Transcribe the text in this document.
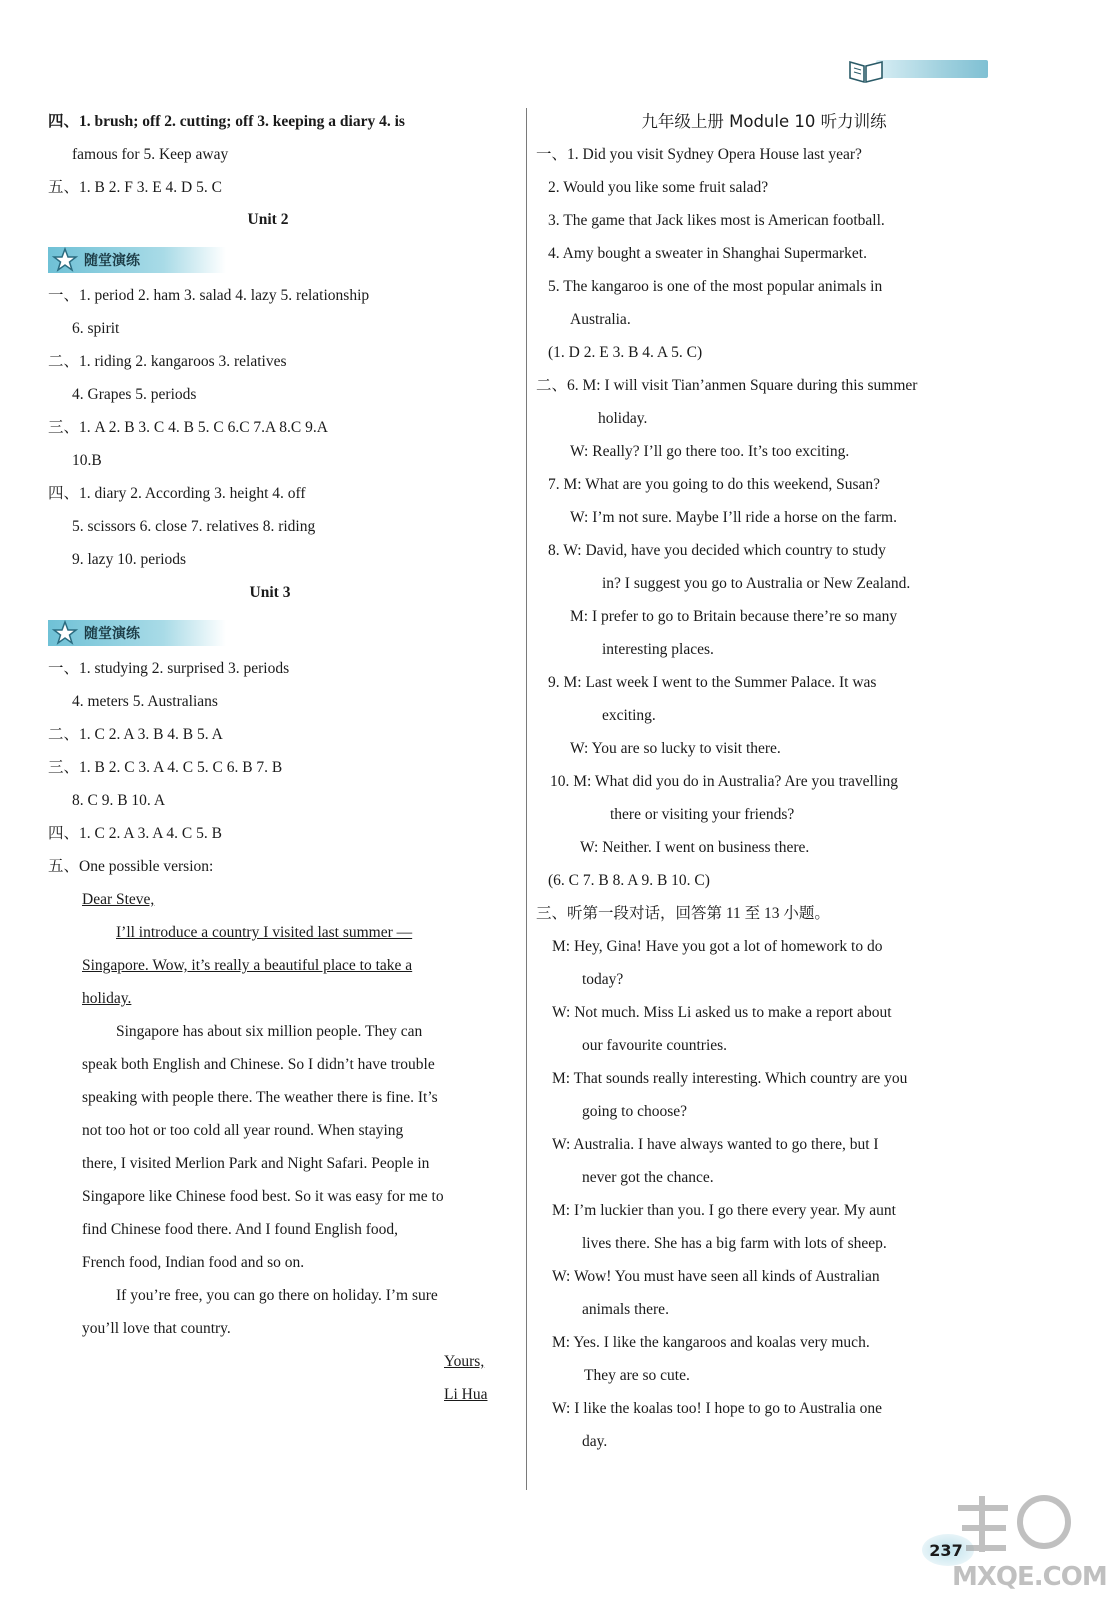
四、1. brush; off 2. cutting; off 3. keeping a diary 4. is
famous for 5. Keep away
五、1. B 2. F 3. E 4. D 5. C
Unit 2
随堂演练
一、1. period 2. ham 3. salad 4. lazy 5. relationship
6. spirit
二、1. riding 2. kangaroos 3. relatives
4. Grapes 5. periods
三、1. A 2. B 3. C 4. B 5. C 6.C 7.A 8.C 9.A
10.B
四、1. diary 2. According 3. height 4. off
5. scissors 6. close 7. relatives 8. riding
9. lazy 10. periods
Unit 3
随堂演练
一、1. studying 2. surprised 3. periods
4. meters 5. Australians
二、1. C 2. A 3. B 4. B 5. A
三、1. B 2. C 3. A 4. C 5. C 6. B 7. B
8. C 9. B 10. A
四、1. C 2. A 3. A 4. C 5. B
五、One possible version:
Dear Steve,
I’ll introduce a country I visited last summer —
Singapore. Wow, it’s really a beautiful place to take a
holiday.
Singapore has about six million people. They can
speak both English and Chinese. So I didn’t have trouble
speaking with people there. The weather there is fine. It’s
not too hot or too cold all year round. When staying
there, I visited Merlion Park and Night Safari. People in
Singapore like Chinese food best. So it was easy for me to
find Chinese food there. And I found English food,
French food, Indian food and so on.
If you’re free, you can go there on holiday. I’m sure
you’ll love that country.
Yours,
Li Hua
九年级上册 Module 10 听力训练
一、1. Did you visit Sydney Opera House last year?
2. Would you like some fruit salad?
3. The game that Jack likes most is American football.
4. Amy bought a sweater in Shanghai Supermarket.
5. The kangaroo is one of the most popular animals in
Australia.
(1. D 2. E 3. B 4. A 5. C)
二、6. M: I will visit Tian’anmen Square during this summer
holiday.
W: Really? I’ll go there too. It’s too exciting.
7. M: What are you going to do this weekend, Susan?
W: I’m not sure. Maybe I’ll ride a horse on the farm.
8. W: David, have you decided which country to study
in? I suggest you go to Australia or New Zealand.
M: I prefer to go to Britain because there’re so many
interesting places.
9. M: Last week I went to the Summer Palace. It was
exciting.
W: You are so lucky to visit there.
10. M: What did you do in Australia? Are you travelling
there or visiting your friends?
W: Neither. I went on business there.
(6. C 7. B 8. A 9. B 10. C)
三、听第一段对话，回答第 11 至 13 小题。
M: Hey, Gina! Have you got a lot of homework to do
today?
W: Not much. Miss Li asked us to make a report about
our favourite countries.
M: That sounds really interesting. Which country are you
going to choose?
W: Australia. I have always wanted to go there, but I
never got the chance.
M: I’m luckier than you. I go there every year. My aunt
lives there. She has a big farm with lots of sheep.
W: Wow! You must have seen all kinds of Australian
animals there.
M: Yes. I like the kangaroos and koalas very much.
They are so cute.
W: I like the koalas too! I hope to go to Australia one
day.
237
MXQE.COM
